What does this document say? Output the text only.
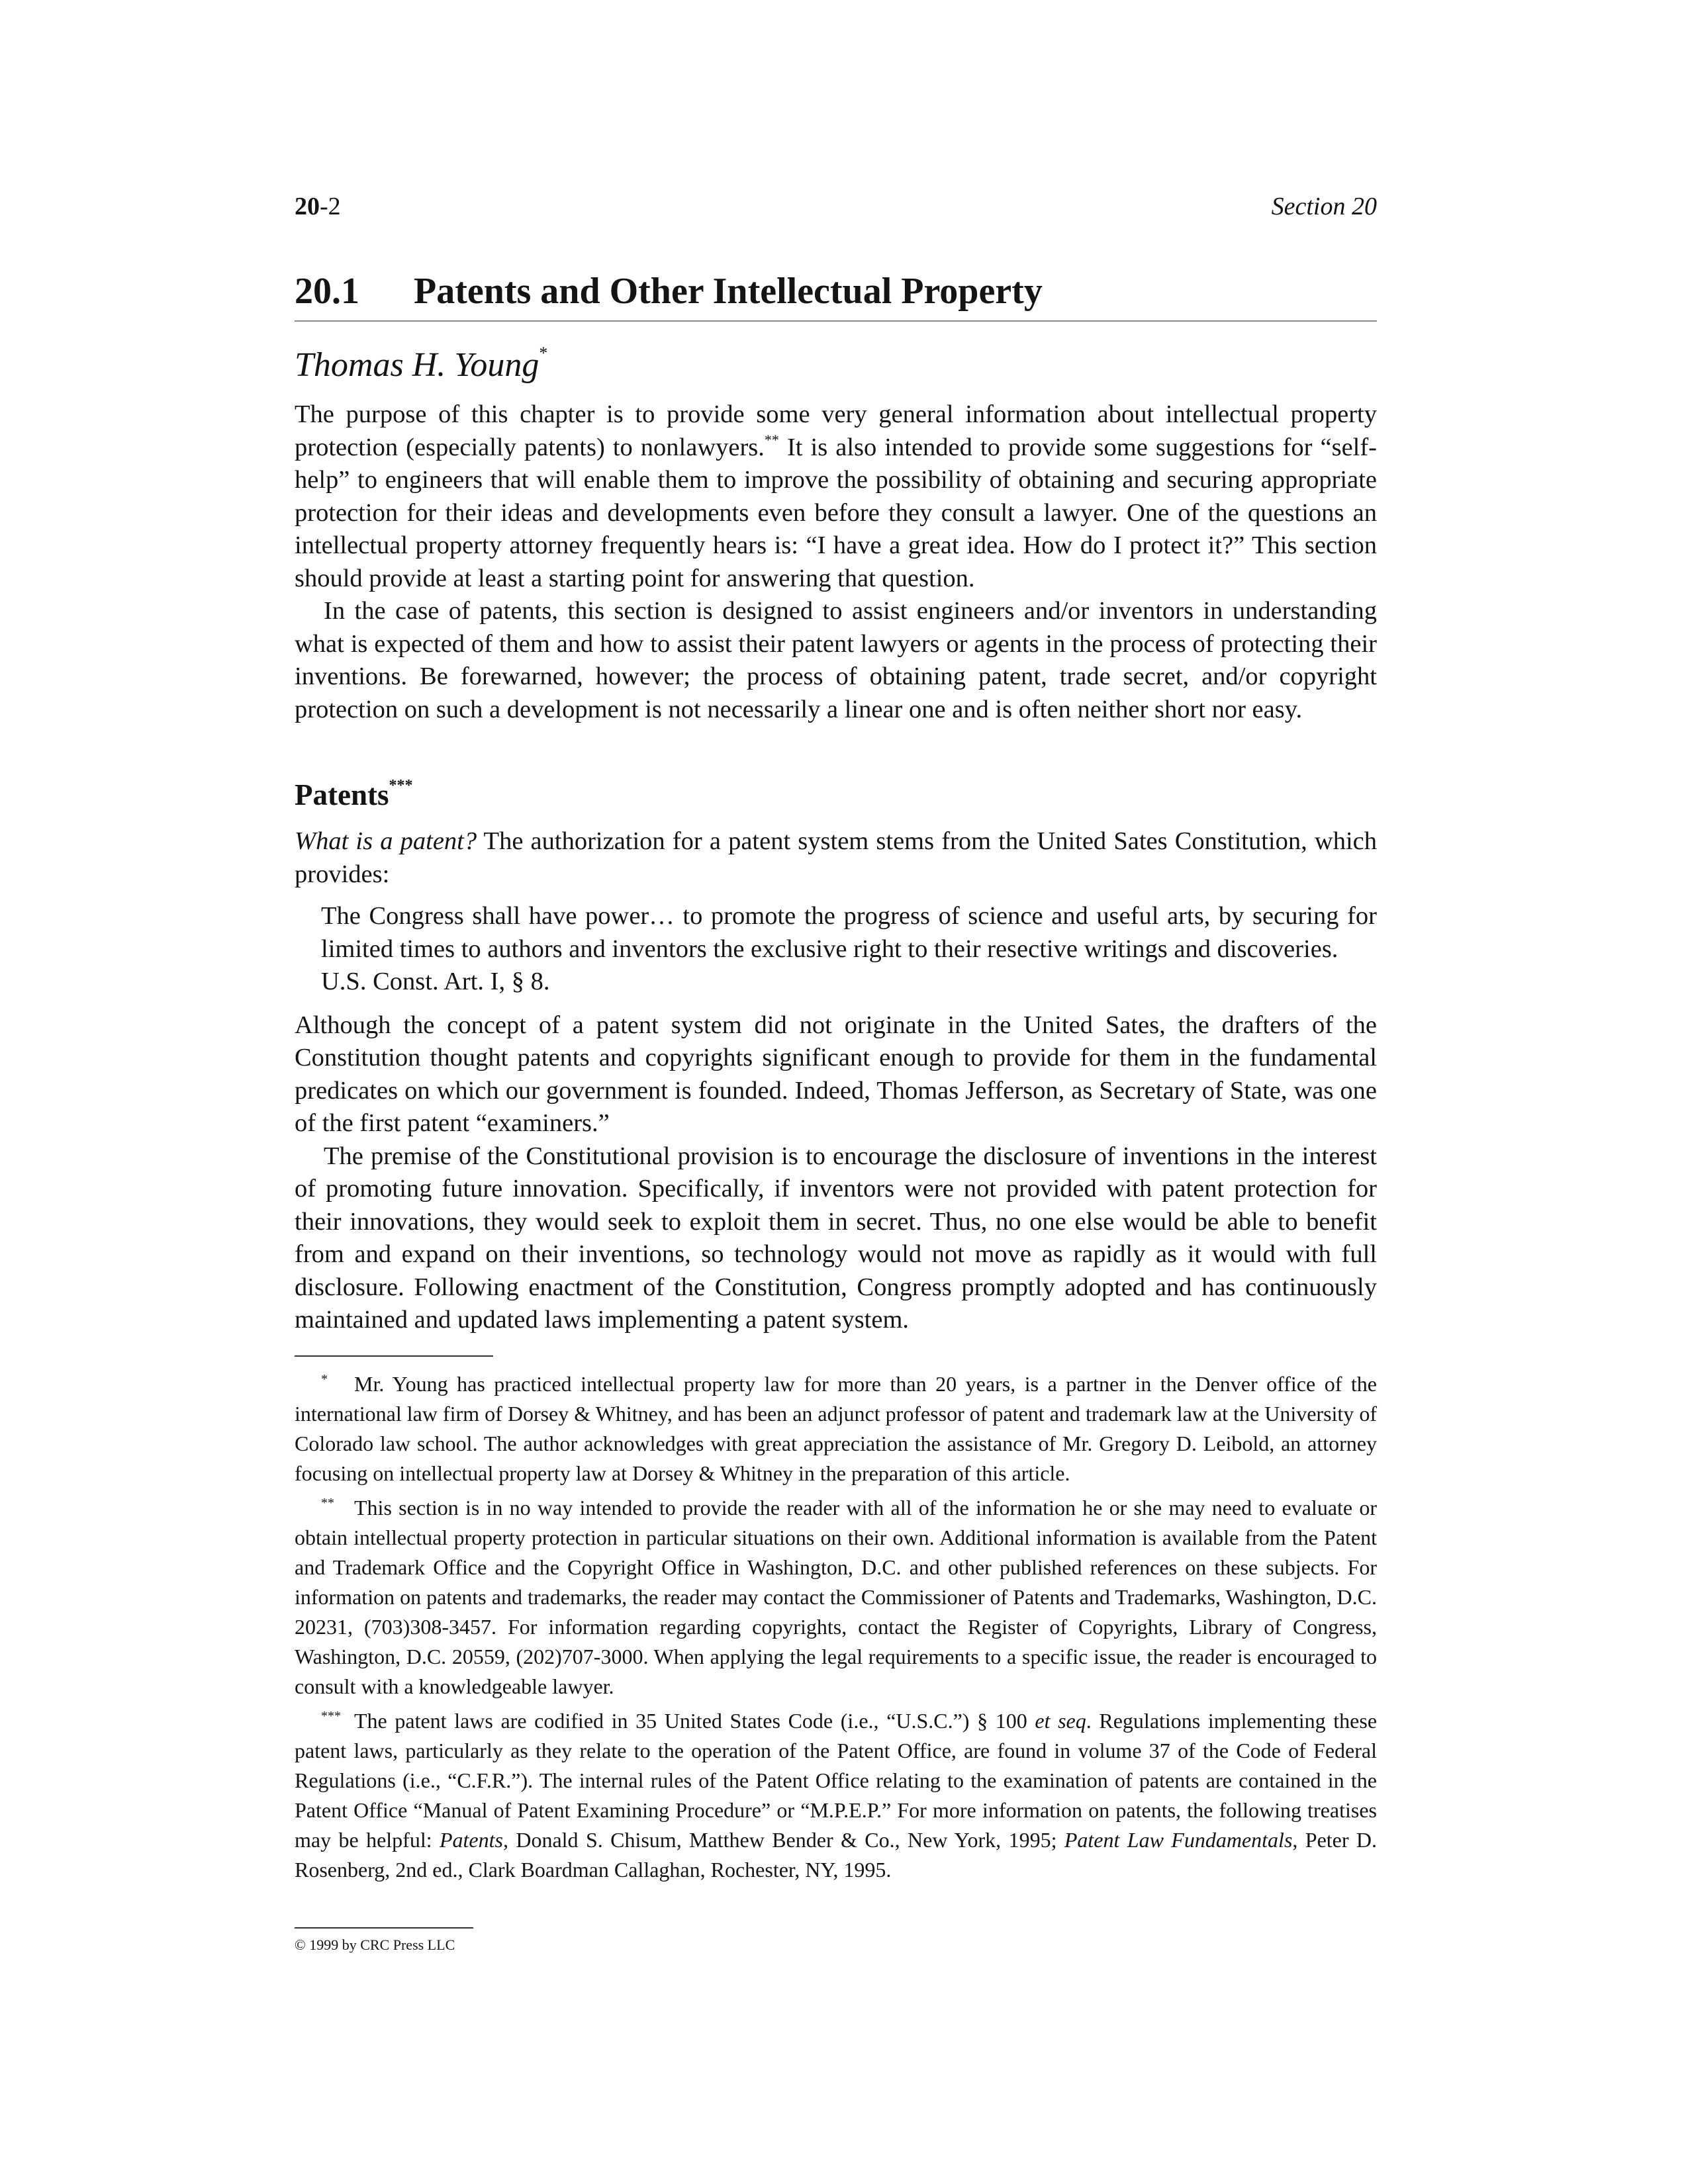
20-2	Section 20
20.1 Patents and Other Intellectual Property
Thomas H. Young*

The purpose of this chapter is to provide some very general information about intellectual property protection (especially patents) to nonlawyers.** It is also intended to provide some suggestions for “self-help” to engineers that will enable them to improve the possibility of obtaining and securing appropriate protection for their ideas and developments even before they consult a lawyer. One of the questions an intellectual property attorney frequently hears is: “I have a great idea. How do I protect it?” This section should provide at least a starting point for answering that question.

In the case of patents, this section is designed to assist engineers and/or inventors in understanding what is expected of them and how to assist their patent lawyers or agents in the process of protecting their inventions. Be forewarned, however; the process of obtaining patent, trade secret, and/or copyright protection on such a development is not necessarily a linear one and is often neither short nor easy.

Patents***

What is a patent? The authorization for a patent system stems from the United Sates Constitution, which provides:

The Congress shall have power… to promote the progress of science and useful arts, by securing for limited times to authors and inventors the exclusive right to their resective writings and discoveries.
U.S. Const. Art. I, § 8.

Although the concept of a patent system did not originate in the United Sates, the drafters of the Constitution thought patents and copyrights significant enough to provide for them in the fundamental predicates on which our government is founded. Indeed, Thomas Jefferson, as Secretary of State, was one of the first patent “examiners.”

The premise of the Constitutional provision is to encourage the disclosure of inventions in the interest of promoting future innovation. Specifically, if inventors were not provided with patent protection for their innovations, they would seek to exploit them in secret. Thus, no one else would be able to benefit from and expand on their inventions, so technology would not move as rapidly as it would with full disclosure. Following enactment of the Constitution, Congress promptly adopted and has continuously maintained and updated laws implementing a patent system.

* Mr. Young has practiced intellectual property law for more than 20 years, is a partner in the Denver office of the international law firm of Dorsey & Whitney, and has been an adjunct professor of patent and trademark law at the University of Colorado law school. The author acknowledges with great appreciation the assistance of Mr. Gregory D. Leibold, an attorney focusing on intellectual property law at Dorsey & Whitney in the preparation of this article.

** This section is in no way intended to provide the reader with all of the information he or she may need to evaluate or obtain intellectual property protection in particular situations on their own. Additional information is available from the Patent and Trademark Office and the Copyright Office in Washington, D.C. and other published references on these subjects. For information on patents and trademarks, the reader may contact the Commissioner of Patents and Trademarks, Washington, D.C. 20231, (703)308-3457. For information regarding copyrights, contact the Register of Copyrights, Library of Congress, Washington, D.C. 20559, (202)707-3000. When applying the legal requirements to a specific issue, the reader is encouraged to consult with a knowledgeable lawyer.

*** The patent laws are codified in 35 United States Code (i.e., “U.S.C.”) § 100 et seq. Regulations implementing these patent laws, particularly as they relate to the operation of the Patent Office, are found in volume 37 of the Code of Federal Regulations (i.e., “C.F.R.”). The internal rules of the Patent Office relating to the examination of patents are contained in the Patent Office “Manual of Patent Examining Procedure” or “M.P.E.P.” For more information on patents, the following treatises may be helpful: Patents, Donald S. Chisum, Matthew Bender & Co., New York, 1995; Patent Law Fundamentals, Peter D. Rosenberg, 2nd ed., Clark Boardman Callaghan, Rochester, NY, 1995.

© 1999 by CRC Press LLC
